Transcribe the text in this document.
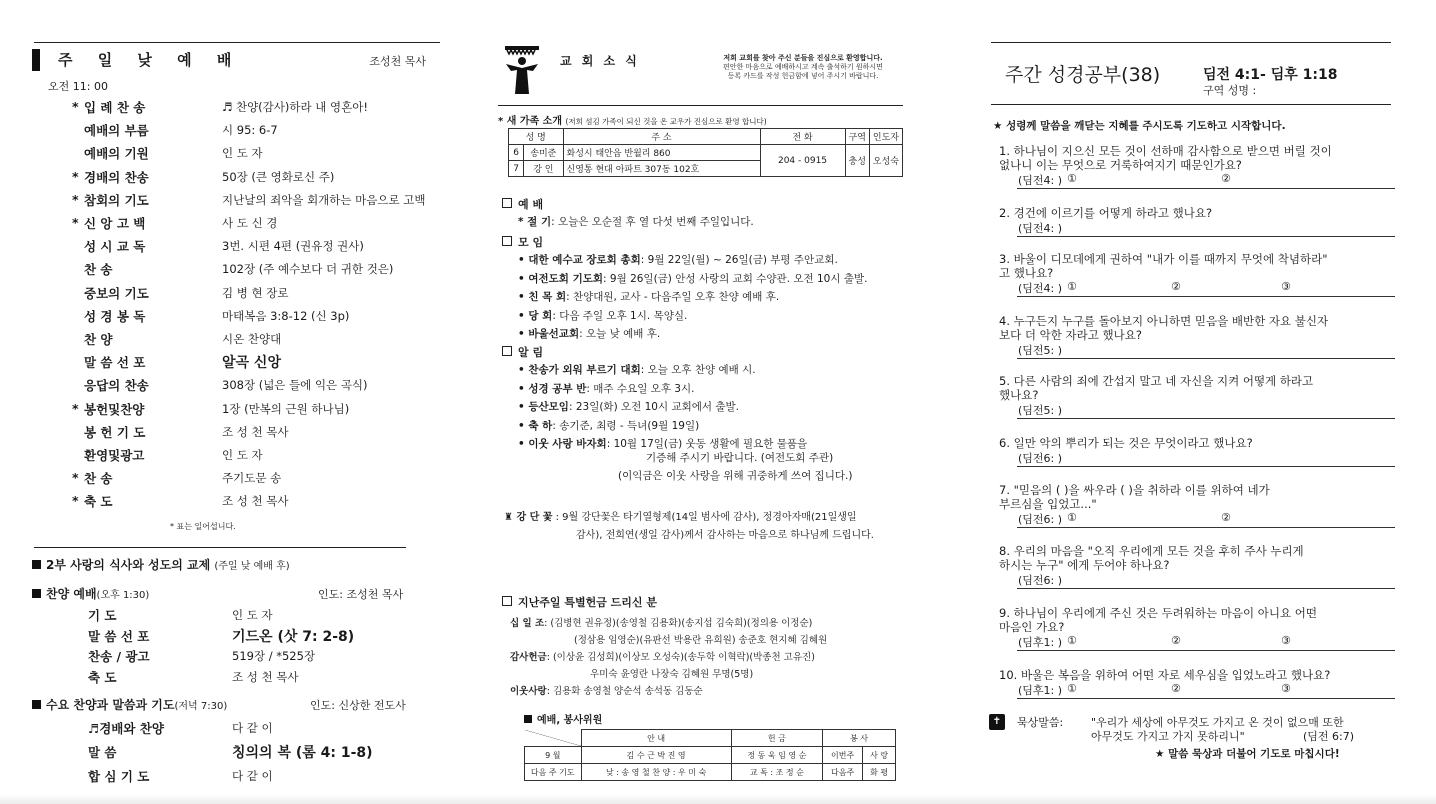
주 일 낮 예 배	조성천 목사
오전 11: 00
* 입 례 찬 송	♬ 찬양(감사)하라 내 영혼아!
예배의 부름	시 95: 6-7
예배의 기원	인 도 자
* 경배의 찬송	50장 (큰 영화로신 주)
* 참회의 기도	지난날의 죄악을 회개하는 마음으로 고백
* 신 앙 고 백	사 도 신 경
성 시 교 독	3번. 시편 4편 (권유정 권사)
찬 송	102장 (주 예수보다 더 귀한 것은)
중보의 기도	김 병 현 장로
성 경 봉 독	마태복음 3:8-12 (신 3p)
찬 양	시온 찬양대
말 씀 선 포	알곡 신앙
응답의 찬송	308장 (넓은 들에 익은 곡식)
* 봉헌및찬양	1장 (만복의 근원 하나님)
봉 헌 기 도	조 성 천 목사
환영및광고	인 도 자
* 찬 송	주기도문 송
* 축 도	조 성 천 목사
* 표는 일어섭니다.
2부 사랑의 식사와 성도의 교제 (주일 낮 예배 후)
찬양 예배(오후 1:30)	인도: 조성천 목사
기 도	인 도 자
말 씀 선 포	기드온 (삿 7: 2-8)
찬송 / 광고	519장 / *525장
축 도	조 성 천 목사
수요 찬양과 말씀과 기도(저녁 7:30)	인도: 신상한 전도사
♬경배와 찬양	다 같 이
말 씀	칭의의 복 (롬 4: 1-8)
합 심 기 도	다 같 이
교 회 소 식	저희 교회를 찾아 주신 분들을 진심으로 환영합니다.
편안한 마음으로 예배하시고 계속 출석하기 원하시면
등록 카드를 작성 헌금함에 넣어 주시기 바랍니다.
* 새 가족 소개 (저희 섬김 가족이 되신 것을 온 교우가 진심으로 환영 합니다)
성 명		주 소	전 화	구역	인도자
6	송미준	화성시 태안읍 반월리 860	204 - 0915	충성	오성숙
7	강 인	신영통 현대 아파트 307동 102호			
예 배
* 절 기: 오늘은 오순절 후 열 다섯 번째 주일입니다.
모 임
• 대한 예수교 장로회 총회: 9월 22일(월) ~ 26일(금) 부평 주안교회.
• 여전도회 기도회: 9월 26일(금) 안성 사랑의 교회 수양관. 오전 10시 출발.
• 친 목 회: 찬양대원, 교사 - 다음주일 오후 찬양 예배 후.
• 당 회: 다음 주일 오후 1시. 목양실.
• 바울선교회: 오늘 낮 예배 후.
알 림
• 찬송가 외워 부르기 대회: 오늘 오후 찬양 예배 시.
• 성경 공부 반: 매주 수요일 오후 3시.
• 등산모임: 23일(화) 오전 10시 교회에서 출발.
• 축 하: 송기준, 최령 - 득녀(9월 19일)
• 이웃 사랑 바자회: 10월 17일(금) 웃동 생활에 필요한 물품을
기증해 주시기 바랍니다. (여전도회 주관)
(이익금은 이웃 사랑을 위해 귀중하게 쓰여 집니다.)
♜ 강 단 꽃 : 9월 강단꽃은 타기열형제(14일 범사에 감사), 정경아자매(21일생일
감사), 전희연(생일 감사)께서 감사하는 마음으로 하나님께 드립니다.
지난주일 특별헌금 드리신 분
십 일 조: (김병현 권유정)(송영철 김용화)(송지섭 김숙희)(정의용 이정순)
(정삼용 임영순)(유판선 박용란 유희원) 송준호 현지혜 김혜원
감사헌금: (이상윤 김성희)(이상모 오성숙)(송두학 이혁락)(박종천 고유진)
우미숙 윤영란 나장숙 김혜원 무명(5명)
이웃사랑: 김용화 송영철 양순석 송석동 김동순
예배, 봉사위원
	안 내	헌 금	봉 사	
9 월	김 수 근 박 진 영	정 동 욱 임 영 순	이번주	사 랑
다음 주 기도	낮 : 송 영 철 찬 양 : 우 미 숙	교 독 : 조 정 순	다음주	화 평
주간 성경공부(38)	딤전 4:1- 딤후 1:18
구역 성명 :
★ 성령께 말씀을 깨닫는 지혜를 주시도록 기도하고 시작합니다.
1. 하나님이 지으신 모든 것이 선하매 감사함으로 받으면 버릴 것이
없나니 이는 무엇으로 거룩하여지기 때문인가요?
(딤전4: ) ①	②
2. 경건에 이르기를 어떻게 하라고 했나요?
(딤전4: )
3. 바울이 디모데에게 권하여 "내가 이를 때까지 무엇에 착념하라"
고 했나요?
(딤전4: ) ①	②	③
4. 누구든지 누구를 돌아보지 아니하면 믿음을 배반한 자요 불신자
보다 더 악한 자라고 했나요?
(딤전5: )
5. 다른 사람의 죄에 간섭지 말고 네 자신을 지켜 어떻게 하라고
했나요?
(딤전5: )
6. 일만 악의 뿌리가 되는 것은 무엇이라고 했나요?
(딤전6: )
7. "믿음의 ( )을 싸우라 ( )을 취하라 이를 위하여 네가
부르심을 입었고..."
(딤전6: ) ①	②
8. 우리의 마음을 "오직 우리에게 모든 것을 후히 주사 누리게
하시는 누구" 에게 두어야 하나요?
(딤전6: )
9. 하나님이 우리에게 주신 것은 두려워하는 마음이 아니요 어떤
마음인 가요?
(딤후1: ) ①	②	③
10. 바울은 복음을 위하여 어떤 자로 세우심을 입었노라고 했나요?
(딤후1: ) ①	②	③
✝	묵상말씀:	"우리가 세상에 아무것도 가지고 온 것이 없으매 또한
아무것도 가지고 가지 못하리니"	(딤전 6:7)
★ 말씀 묵상과 더불어 기도로 마칩시다!
